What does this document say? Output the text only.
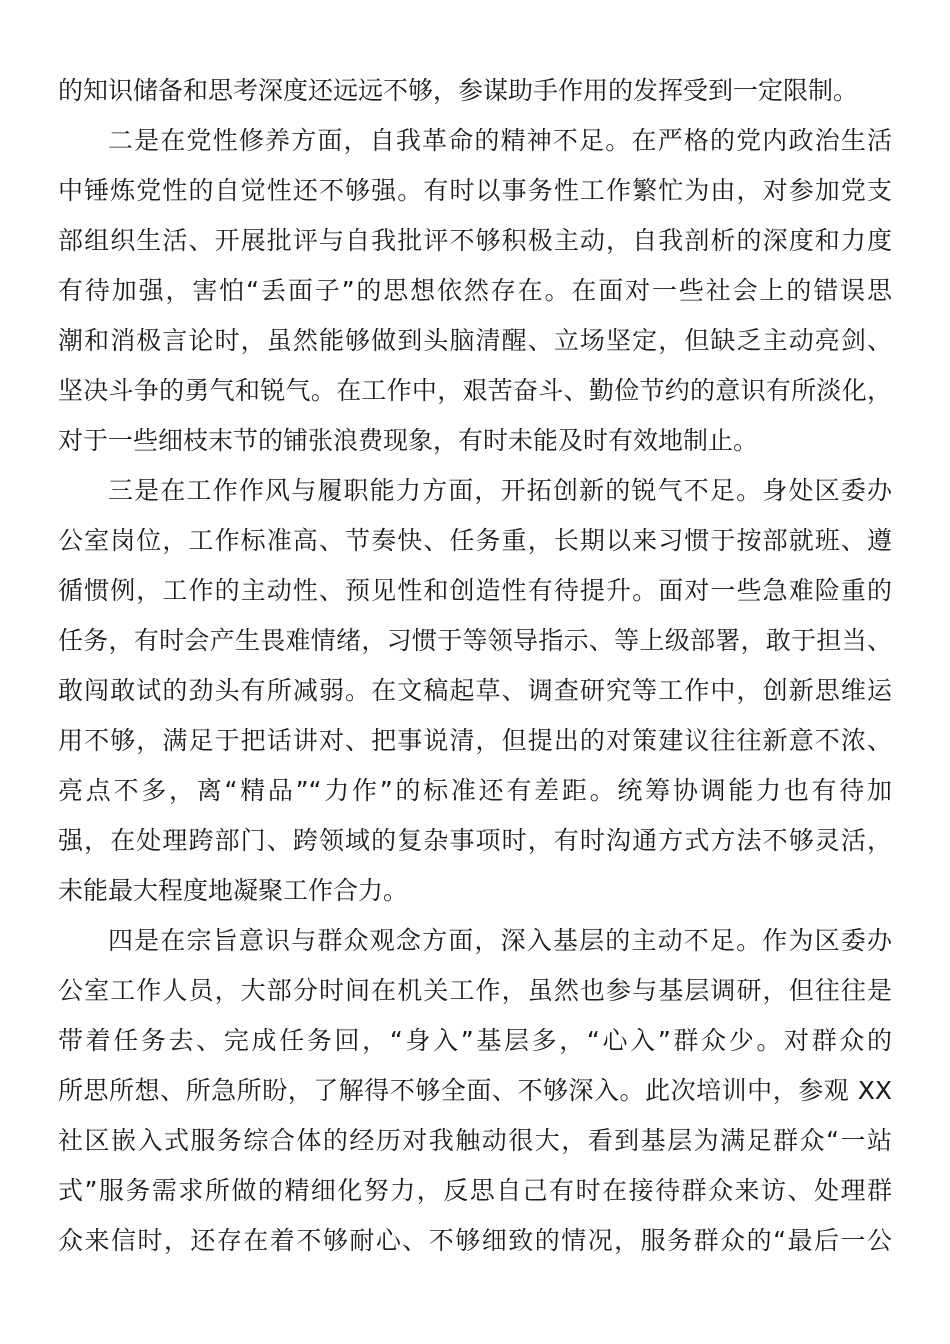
的知识储备和思考深度还远远不够，参谋助手作用的发挥受到一定限制。
二是在党性修养方面，自我革命的精神不足。在严格的党内政治生活
中锤炼党性的自觉性还不够强。有时以事务性工作繁忙为由，对参加党支
部组织生活、开展批评与自我批评不够积极主动，自我剖析的深度和力度
有待加强，害怕“丢面子”的思想依然存在。在面对一些社会上的错误思
潮和消极言论时，虽然能够做到头脑清醒、立场坚定，但缺乏主动亮剑、
坚决斗争的勇气和锐气。在工作中，艰苦奋斗、勤俭节约的意识有所淡化，
对于一些细枝末节的铺张浪费现象，有时未能及时有效地制止。
三是在工作作风与履职能力方面，开拓创新的锐气不足。身处区委办
公室岗位，工作标准高、节奏快、任务重，长期以来习惯于按部就班、遵
循惯例，工作的主动性、预见性和创造性有待提升。面对一些急难险重的
任务，有时会产生畏难情绪，习惯于等领导指示、等上级部署，敢于担当、
敢闯敢试的劲头有所减弱。在文稿起草、调查研究等工作中，创新思维运
用不够，满足于把话讲对、把事说清，但提出的对策建议往往新意不浓、
亮点不多，离“精品”“力作”的标准还有差距。统筹协调能力也有待加
强，在处理跨部门、跨领域的复杂事项时，有时沟通方式方法不够灵活，
未能最大程度地凝聚工作合力。
四是在宗旨意识与群众观念方面，深入基层的主动不足。作为区委办
公室工作人员，大部分时间在机关工作，虽然也参与基层调研，但往往是
带着任务去、完成任务回，“身入”基层多，“心入”群众少。对群众的
所思所想、所急所盼，了解得不够全面、不够深入。此次培训中，参观 XX
社区嵌入式服务综合体的经历对我触动很大，看到基层为满足群众“一站
式”服务需求所做的精细化努力，反思自己有时在接待群众来访、处理群
众来信时，还存在着不够耐心、不够细致的情况，服务群众的“最后一公
